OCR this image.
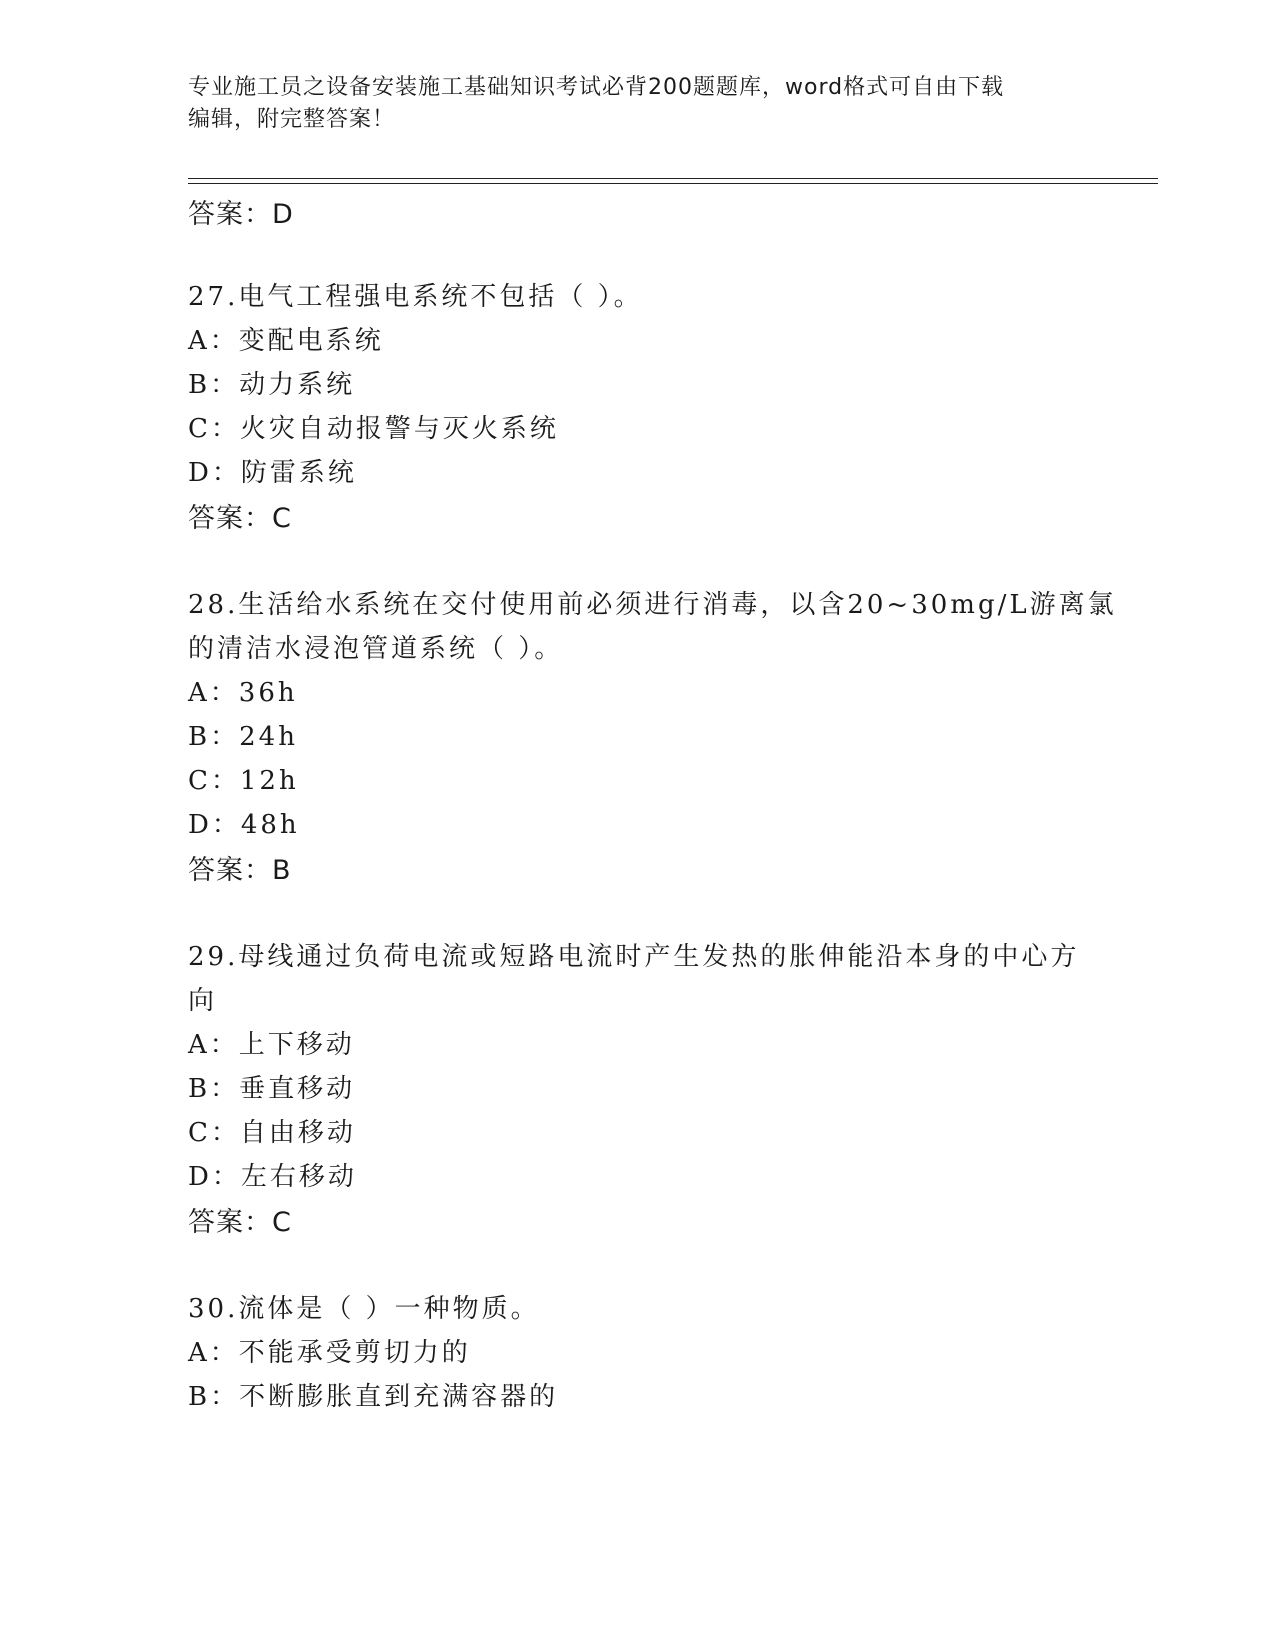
专业施工员之设备安装施工基础知识考试必背200题题库，word格式可自由下载
编辑，附完整答案！
答案：D
27.电气工程强电系统不包括（ ）。
A：变配电系统
B：动力系统
C：火灾自动报警与灭火系统
D：防雷系统
答案：C
28.生活给水系统在交付使用前必须进行消毒，以含20~30mg/L游离氯
的清洁水浸泡管道系统（ ）。
A：36h
B：24h
C：12h
D：48h
答案：B
29.母线通过负荷电流或短路电流时产生发热的胀伸能沿本身的中心方
向
A：上下移动
B：垂直移动
C：自由移动
D：左右移动
答案：C
30.流体是（ ）一种物质。
A：不能承受剪切力的
B：不断膨胀直到充满容器的
